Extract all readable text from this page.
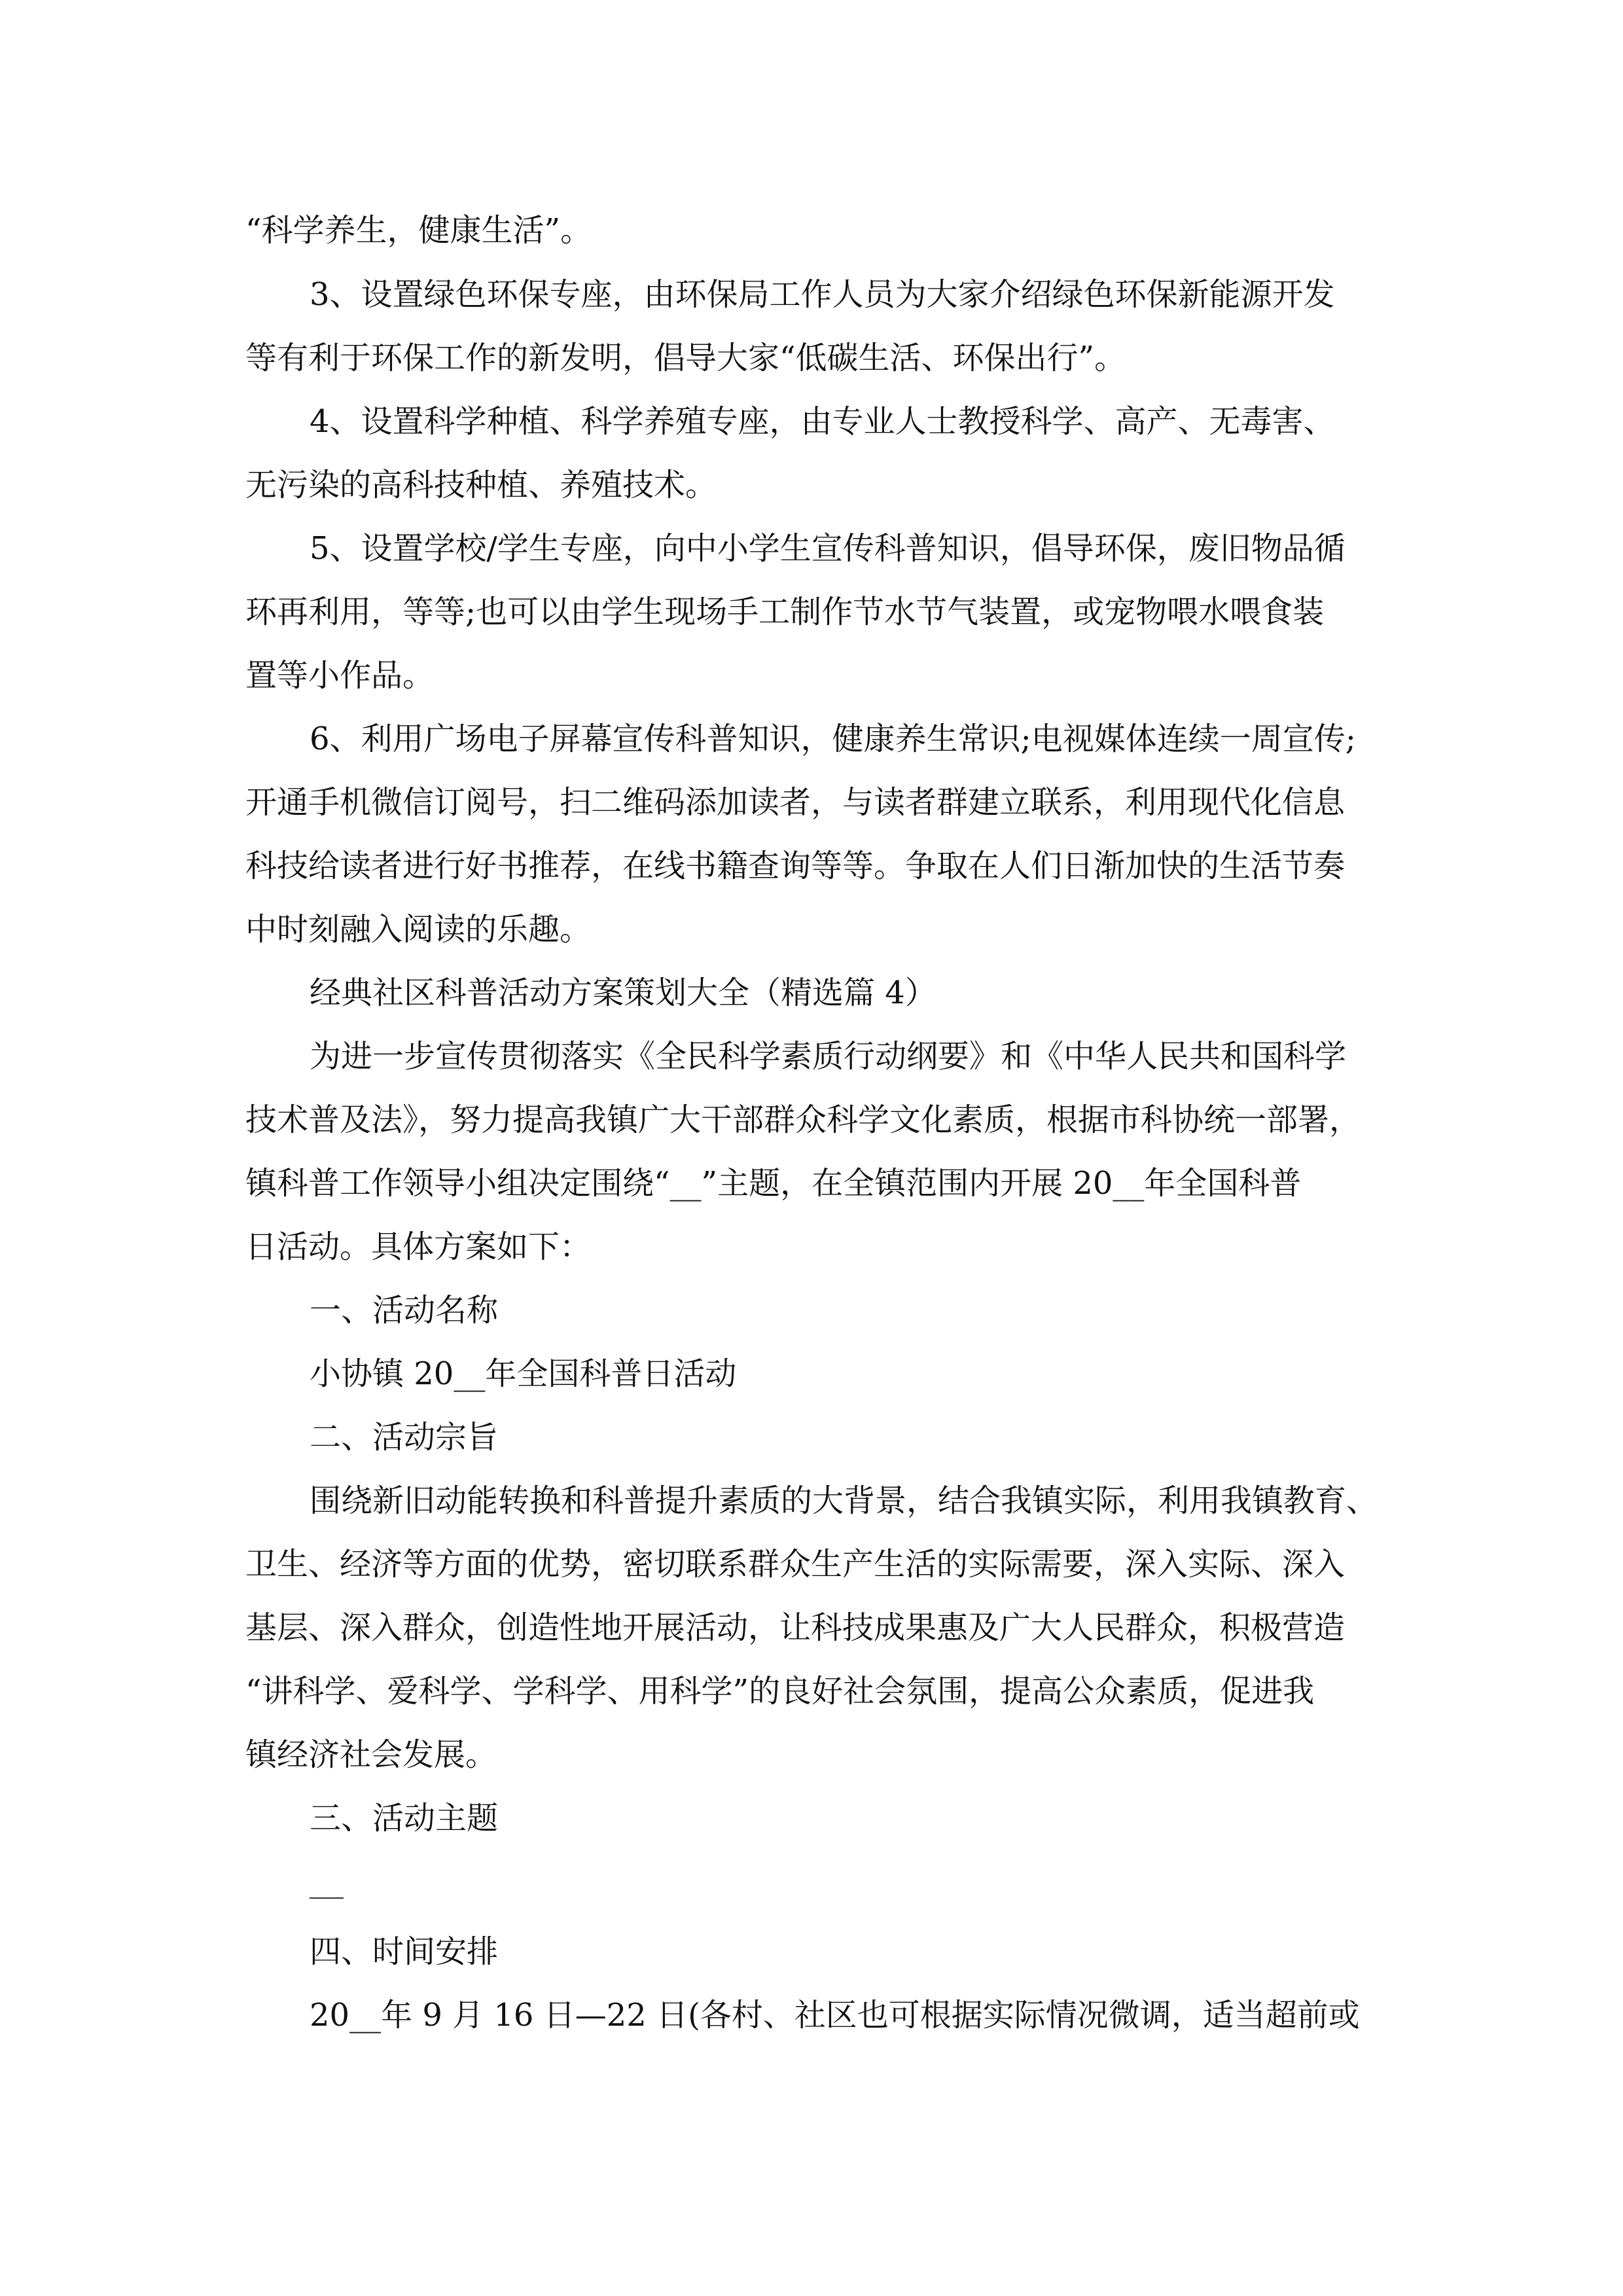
“科学养生，健康生活”。
3、设置绿色环保专座，由环保局工作人员为大家介绍绿色环保新能源开发
等有利于环保工作的新发明，倡导大家“低碳生活、环保出行”。
4、设置科学种植、科学养殖专座，由专业人士教授科学、高产、无毒害、
无污染的高科技种植、养殖技术。
5、设置学校/学生专座，向中小学生宣传科普知识，倡导环保，废旧物品循
环再利用，等等;也可以由学生现场手工制作节水节气装置，或宠物喂水喂食装
置等小作品。
6、利用广场电子屏幕宣传科普知识，健康养生常识;电视媒体连续一周宣传;
开通手机微信订阅号，扫二维码添加读者，与读者群建立联系，利用现代化信息
科技给读者进行好书推荐，在线书籍查询等等。争取在人们日渐加快的生活节奏
中时刻融入阅读的乐趣。
经典社区科普活动方案策划大全（精选篇 4）
为进一步宣传贯彻落实《全民科学素质行动纲要》和《中华人民共和国科学
技术普及法》，努力提高我镇广大干部群众科学文化素质，根据市科协统一部署，
镇科普工作领导小组决定围绕“__”主题，在全镇范围内开展 20__年全国科普
日活动。具体方案如下：
一、活动名称
小协镇 20__年全国科普日活动
二、活动宗旨
围绕新旧动能转换和科普提升素质的大背景，结合我镇实际，利用我镇教育、
卫生、经济等方面的优势，密切联系群众生产生活的实际需要，深入实际、深入
基层、深入群众，创造性地开展活动，让科技成果惠及广大人民群众，积极营造
“讲科学、爱科学、学科学、用科学”的良好社会氛围，提高公众素质，促进我
镇经济社会发展。
三、活动主题
四、时间安排
20__年 9 月 16 日—22 日(各村、社区也可根据实际情况微调，适当超前或
